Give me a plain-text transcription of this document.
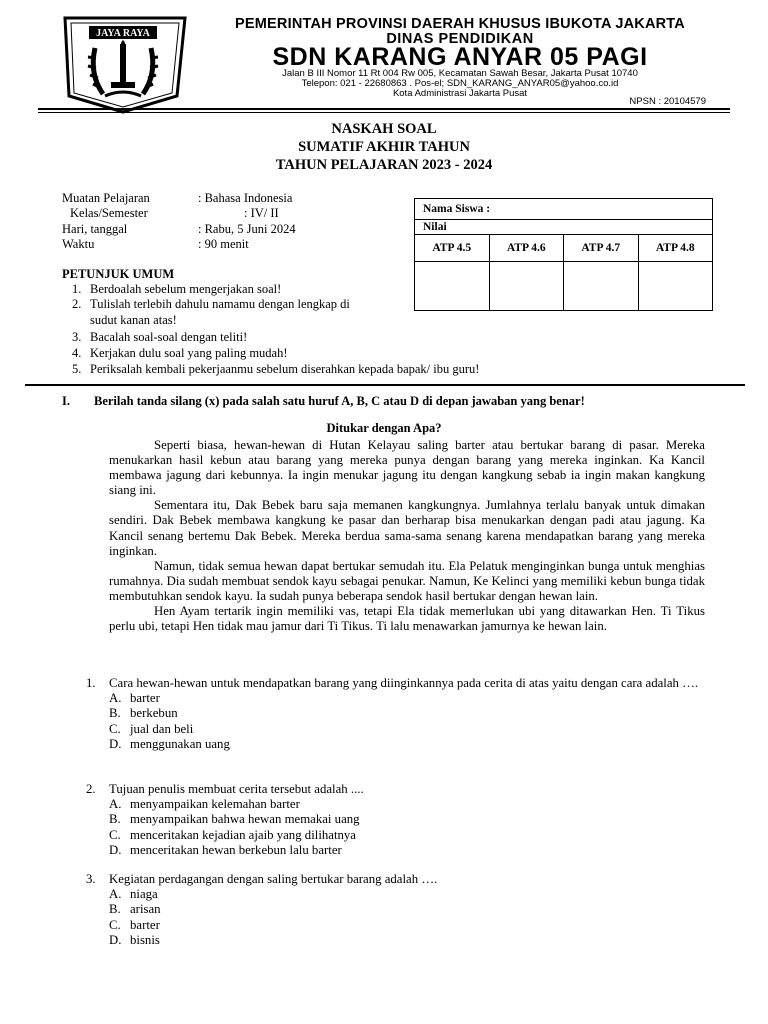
JAYA RAYA
PEMERINTAH PROVINSI DAERAH KHUSUS IBUKOTA JAKARTA
DINAS PENDIDIKAN
SDN KARANG ANYAR 05 PAGI
Jalan B III Nomor 11 Rt 004 Rw 005, Kecamatan Sawah Besar, Jakarta Pusat 10740
Telepon: 021 - 22680863 . Pos-el; SDN_KARANG_ANYAR05@yahoo.co.id
Kota Administrasi Jakarta Pusat
NPSN : 20104579
NASKAH SOAL
SUMATIF AKHIR TAHUN
TAHUN PELAJARAN 2023 - 2024
Muatan Pelajaran	: Bahasa Indonesia
Kelas/Semester	: IV/ II
Hari, tanggal	: Rabu, 5 Juni 2024
Waktu	: 90 menit
Nama Siswa :			
Nilai			
ATP 4.5	ATP 4.6	ATP 4.7	ATP 4.8

PETUNJUK UMUM
1. Berdoalah sebelum mengerjakan soal!
2. Tulislah terlebih dahulu namamu dengan lengkap di
sudut kanan atas!
3. Bacalah soal-soal dengan teliti!
4. Kerjakan dulu soal yang paling mudah!
5. Periksalah kembali pekerjaanmu sebelum diserahkan kepada bapak/ ibu guru!
I. Berilah tanda silang (x) pada salah satu huruf A, B, C atau D di depan jawaban yang benar!
Ditukar dengan Apa?

Seperti biasa, hewan-hewan di Hutan Kelayau saling barter atau bertukar barang di pasar. Mereka menukarkan hasil kebun atau barang yang mereka punya dengan barang yang mereka inginkan. Ka Kancil membawa jagung dari kebunnya. Ia ingin menukar jagung itu dengan kangkung sebab ia ingin makan kangkung siang ini.

Sementara itu, Dak Bebek baru saja memanen kangkungnya. Jumlahnya terlalu banyak untuk dimakan sendiri. Dak Bebek membawa kangkung ke pasar dan berharap bisa menukarkan dengan padi atau jagung. Ka Kancil senang bertemu Dak Bebek. Mereka berdua sama-sama senang karena mendapatkan barang yang mereka inginkan.

Namun, tidak semua hewan dapat bertukar semudah itu. Ela Pelatuk menginginkan bunga untuk menghias rumahnya. Dia sudah membuat sendok kayu sebagai penukar. Namun, Ke Kelinci yang memiliki kebun bunga tidak membutuhkan sendok kayu. Ia sudah punya beberapa sendok hasil bertukar dengan hewan lain.

Hen Ayam tertarik ingin memiliki vas, tetapi Ela tidak memerlukan ubi yang ditawarkan Hen. Ti Tikus perlu ubi, tetapi Hen tidak mau jamur dari Ti Tikus. Ti lalu menawarkan jamurnya ke hewan lain.

1. Cara hewan-hewan untuk mendapatkan barang yang diinginkannya pada cerita di atas yaitu dengan cara adalah ….
A. barter
B. berkebun
C. jual dan beli
D. menggunakan uang
2. Tujuan penulis membuat cerita tersebut adalah ....
A. menyampaikan kelemahan barter
B. menyampaikan bahwa hewan memakai uang
C. menceritakan kejadian ajaib yang dilihatnya
D. menceritakan hewan berkebun lalu barter
3. Kegiatan perdagangan dengan saling bertukar barang adalah ….
A. niaga
B. arisan
C. barter
D. bisnis
